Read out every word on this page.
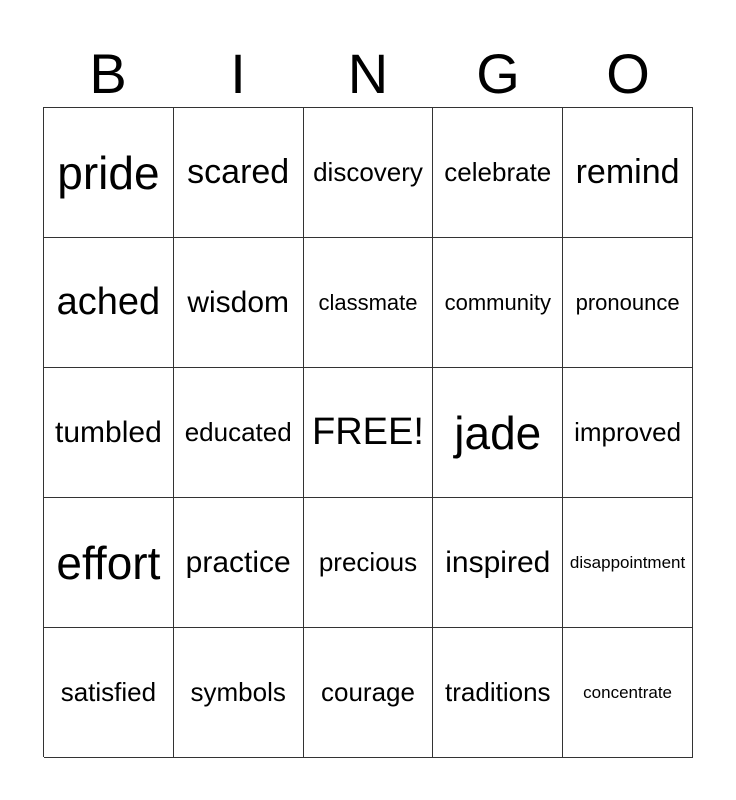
B	I	N	G	O
pride scared discovery celebrate remind
ached wisdom classmate community pronounce
tumbled educated FREE! jade improved
effort practice precious inspired disappointment
satisfied symbols courage traditions concentrate
